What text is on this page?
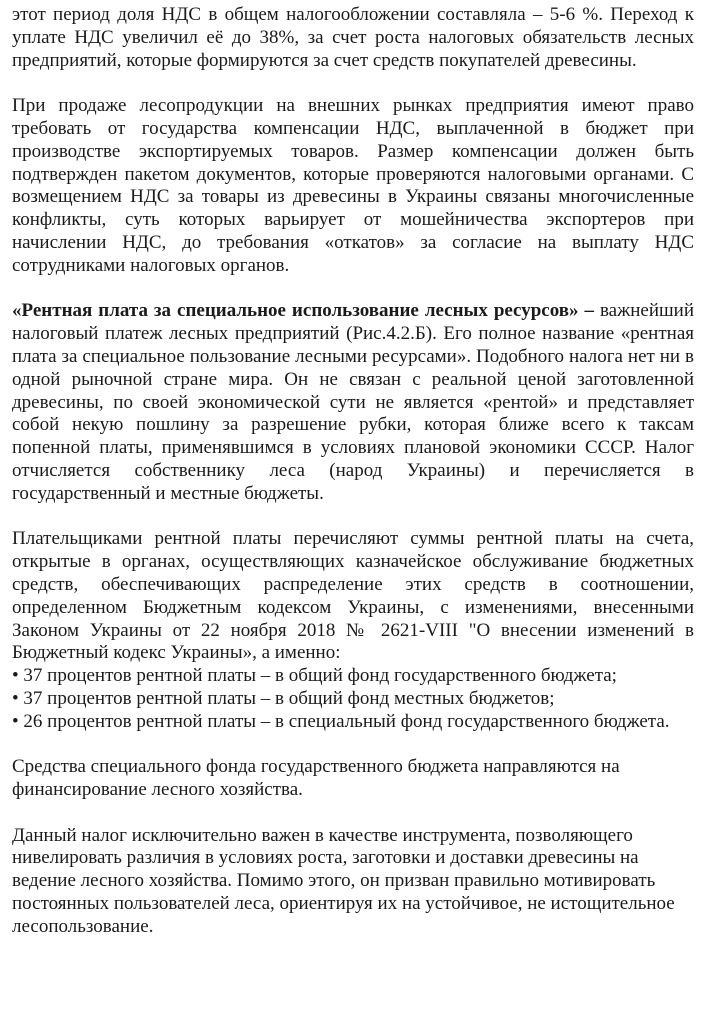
этот период доля НДС в общем налогообложении составляла – 5-6 %. Переход к уплате НДС увеличил её до 38%, за счет роста налоговых обязательств лесных предприятий, которые формируются за счет средств покупателей древесины.

При продаже лесопродукции на внешних рынках предприятия имеют право требовать от государства компенсации НДС, выплаченной в бюджет при производстве экспортируемых товаров. Размер компенсации должен быть подтвержден пакетом документов, которые проверяются налоговыми органами. С возмещением НДС за товары из древесины в Украины связаны многочисленные конфликты, суть которых варьирует от мошейничества экспортеров при начислении НДС, до требования «откатов» за согласие на выплату НДС сотрудниками налоговых органов.

«Рентная плата за специальное использование лесных ресурсов» – важнейший налоговый платеж лесных предприятий (Рис.4.2.Б). Его полное название «рентная плата за специальное пользование лесными ресурсами». Подобного налога нет ни в одной рыночной стране мира. Он не связан с реальной ценой заготовленной древесины, по своей экономической сути не является «рентой» и представляет собой некую пошлину за разрешение рубки, которая ближе всего к таксам попенной платы, применявшимся в условиях плановой экономики СССР. Налог отчисляется собственнику леса (народ Украины) и перечисляется в государственный и местные бюджеты.

Плательщиками рентной платы перечисляют суммы рентной платы на счета, открытые в органах, осуществляющих казначейское обслуживание бюджетных средств, обеспечивающих распределение этих средств в соотношении, определенном Бюджетным кодексом Украины, с изменениями, внесенными Законом Украины от 22 ноября 2018 № 2621-VIII "О внесении изменений в Бюджетный кодекс Украины», а именно:

• 37 процентов рентной платы – в общий фонд государственного бюджета;

• 37 процентов рентной платы – в общий фонд местных бюджетов;

• 26 процентов рентной платы – в специальный фонд государственного бюджета.

Средства специального фонда государственного бюджета направляются на финансирование лесного хозяйства.

Данный налог исключительно важен в качестве инструмента, позволяющего нивелировать различия в условиях роста, заготовки и доставки древесины на ведение лесного хозяйства. Помимо этого, он призван правильно мотивировать постоянных пользователей леса, ориентируя их на устойчивое, не истощительное лесопользование.
